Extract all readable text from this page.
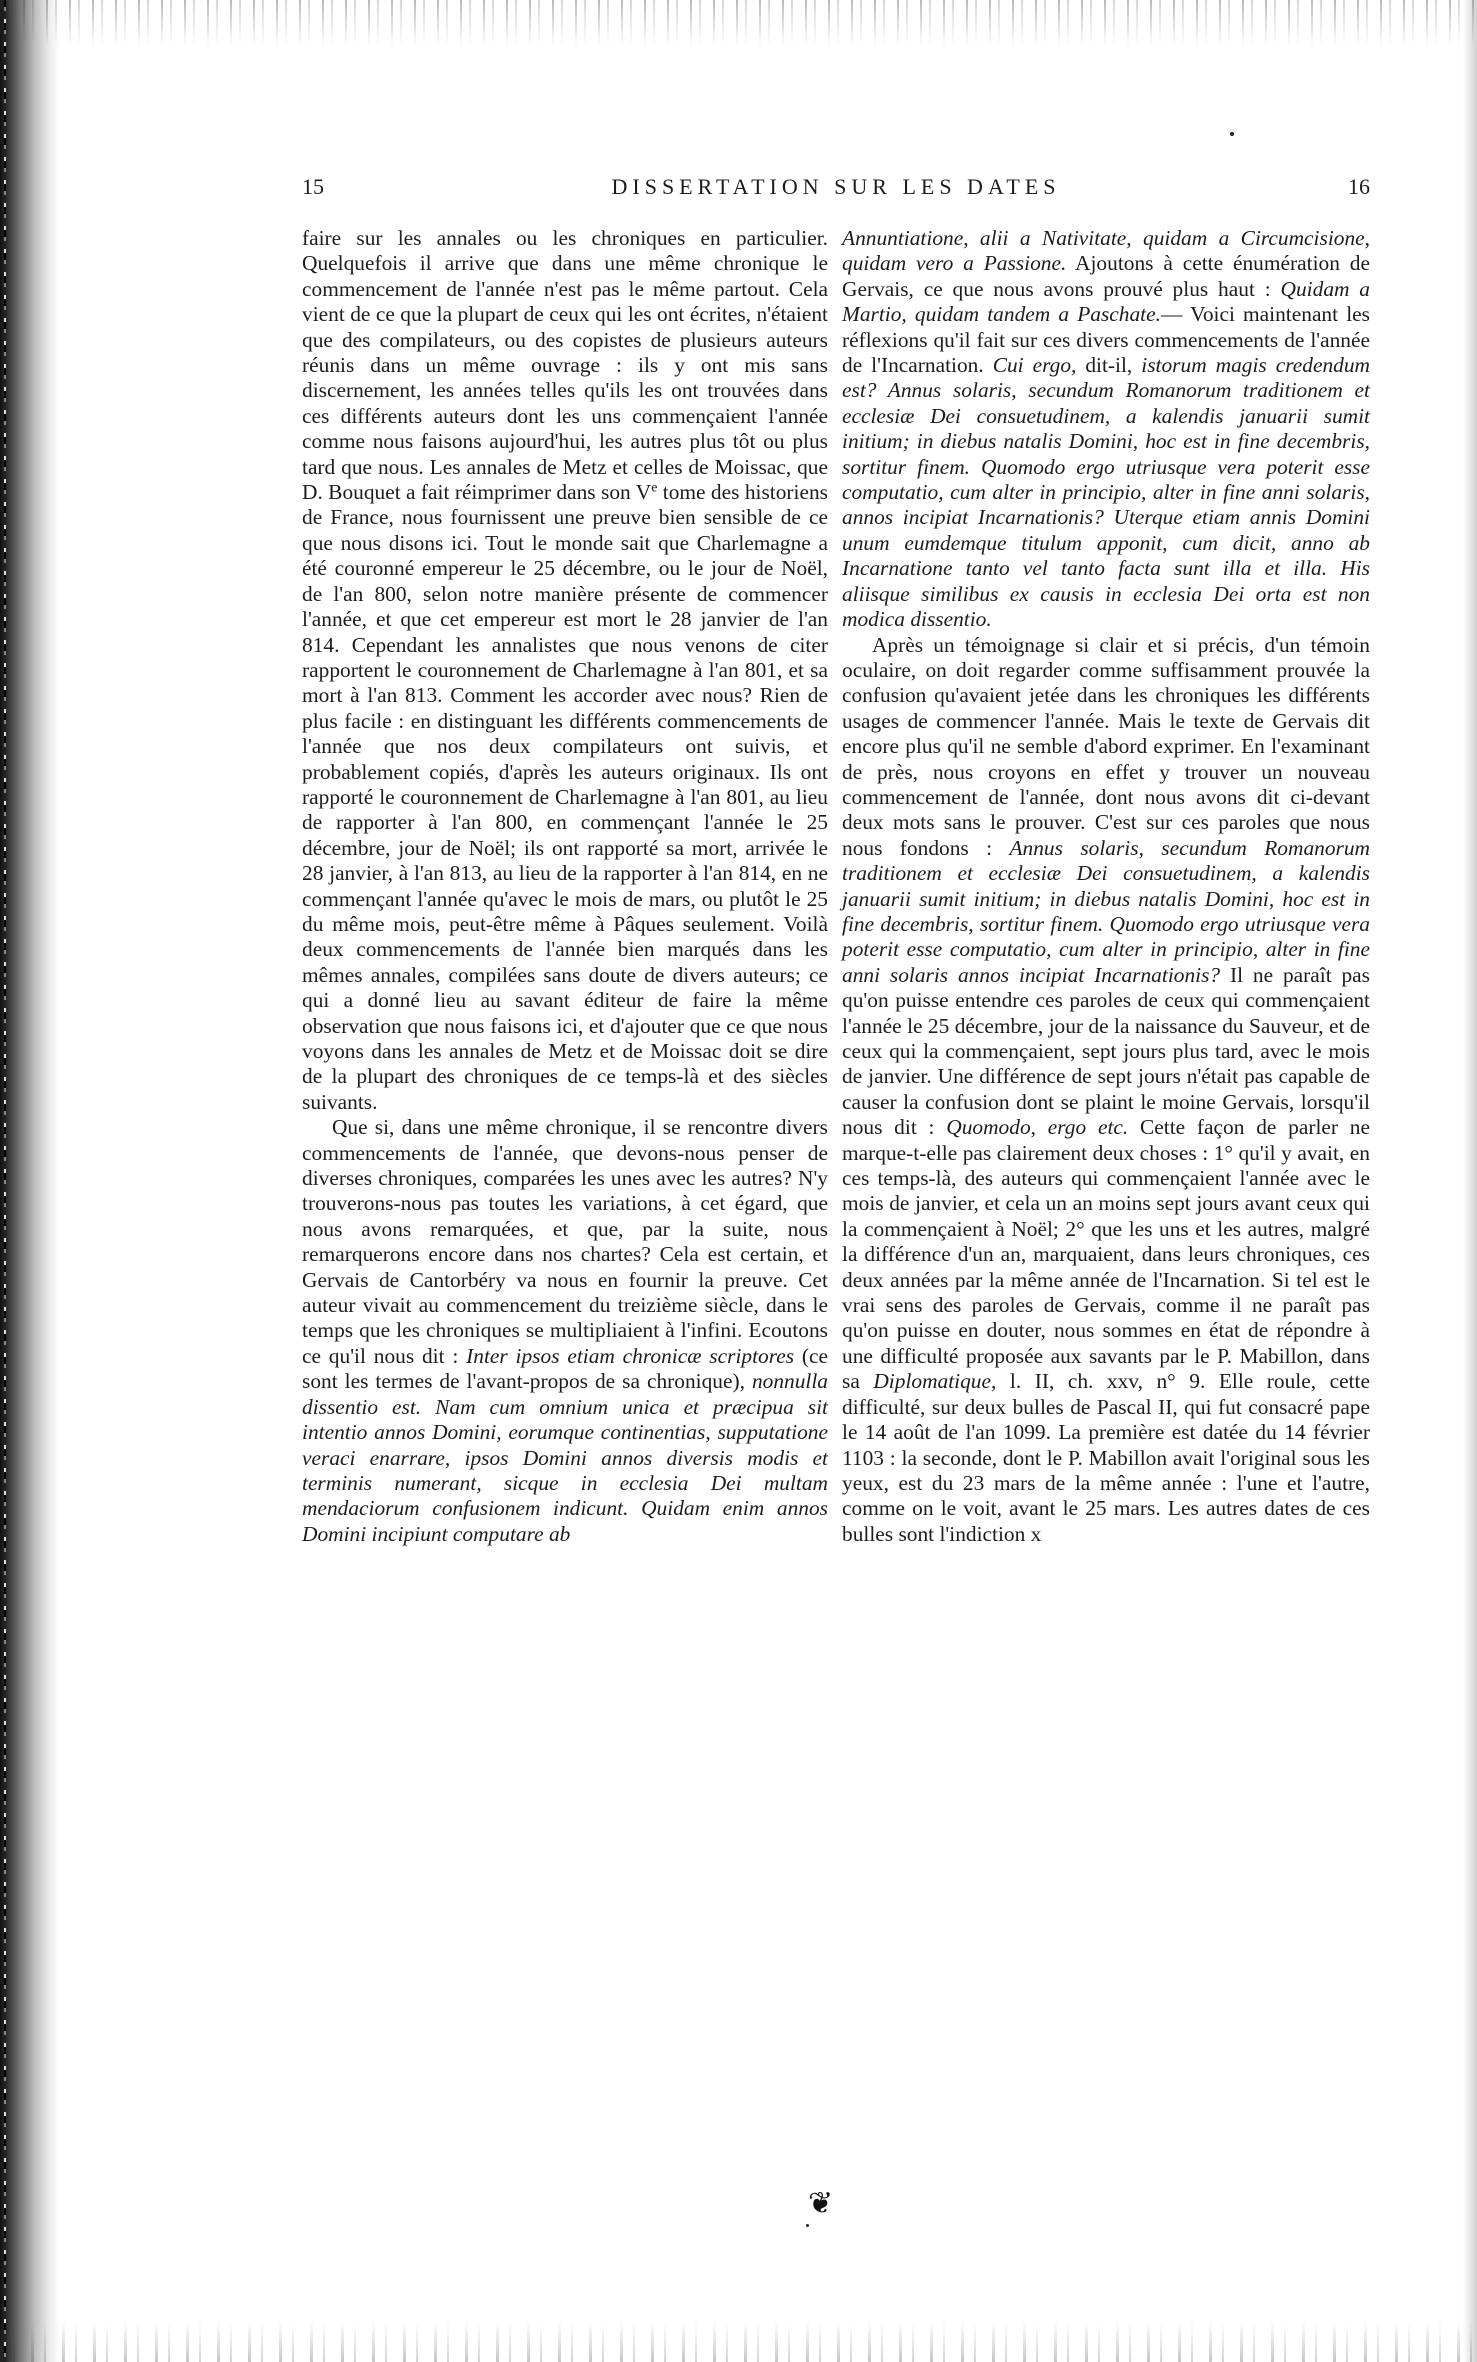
15	DISSERTATION SUR LES DATES	16

faire sur les annales ou les chroniques en particulier. Quelquefois il arrive que dans une même chronique le commencement de l'année n'est pas le même partout. Cela vient de ce que la plupart de ceux qui les ont écrites, n'étaient que des compilateurs, ou des copistes de plusieurs auteurs réunis dans un même ouvrage : ils y ont mis sans discernement, les années telles qu'ils les ont trouvées dans ces différents auteurs dont les uns commençaient l'année comme nous faisons aujourd'hui, les autres plus tôt ou plus tard que nous. Les annales de Metz et celles de Moissac, que D. Bouquet a fait réimprimer dans son Ve tome des historiens de France, nous fournissent une preuve bien sensible de ce que nous disons ici. Tout le monde sait que Charlemagne a été couronné empereur le 25 décembre, ou le jour de Noël, de l'an 800, selon notre manière présente de commencer l'année, et que cet empereur est mort le 28 janvier de l'an 814. Cependant les annalistes que nous venons de citer rapportent le couronnement de Charlemagne à l'an 801, et sa mort à l'an 813. Comment les accorder avec nous? Rien de plus facile : en distinguant les différents commencements de l'année que nos deux compilateurs ont suivis, et probablement copiés, d'après les auteurs originaux. Ils ont rapporté le couronnement de Charlemagne à l'an 801, au lieu de rapporter à l'an 800, en commençant l'année le 25 décembre, jour de Noël; ils ont rapporté sa mort, arrivée le 28 janvier, à l'an 813, au lieu de la rapporter à l'an 814, en ne commençant l'année qu'avec le mois de mars, ou plutôt le 25 du même mois, peut-être même à Pâques seulement. Voilà deux commencements de l'année bien marqués dans les mêmes annales, compilées sans doute de divers auteurs; ce qui a donné lieu au savant éditeur de faire la même observation que nous faisons ici, et d'ajouter que ce que nous voyons dans les annales de Metz et de Moissac doit se dire de la plupart des chroniques de ce temps-là et des siècles suivants.

Que si, dans une même chronique, il se rencontre divers commencements de l'année, que devons-nous penser de diverses chroniques, comparées les unes avec les autres? N'y trouverons-nous pas toutes les variations, à cet égard, que nous avons remarquées, et que, par la suite, nous remarquerons encore dans nos chartes? Cela est certain, et Gervais de Cantorbéry va nous en fournir la preuve. Cet auteur vivait au commencement du treizième siècle, dans le temps que les chroniques se multipliaient à l'infini. Ecoutons ce qu'il nous dit : Inter ipsos etiam chronicæ scriptores (ce sont les termes de l'avant-propos de sa chronique), nonnulla dissentio est. Nam cum omnium unica et præcipua sit intentio annos Domini, eorumque continentias, supputatione veraci enarrare, ipsos Domini annos diversis modis et terminis numerant, sicque in ecclesia Dei multam mendaciorum confusionem indicunt. Quidam enim annos Domini incipiunt computare ab

Annuntiatione, alii a Nativitate, quidam a Circumcisione, quidam vero a Passione. Ajoutons à cette énumération de Gervais, ce que nous avons prouvé plus haut : Quidam a Martio, quidam tandem a Paschate.— Voici maintenant les réflexions qu'il fait sur ces divers commencements de l'année de l'Incarnation. Cui ergo, dit-il, istorum magis credendum est? Annus solaris, secundum Romanorum traditionem et ecclesiæ Dei consuetudinem, a kalendis januarii sumit initium; in diebus natalis Domini, hoc est in fine decembris, sortitur finem. Quomodo ergo utriusque vera poterit esse computatio, cum alter in principio, alter in fine anni solaris, annos incipiat Incarnationis? Uterque etiam annis Domini unum eumdemque titulum apponit, cum dicit, anno ab Incarnatione tanto vel tanto facta sunt illa et illa. His aliisque similibus ex causis in ecclesia Dei orta est non modica dissentio.

Après un témoignage si clair et si précis, d'un témoin oculaire, on doit regarder comme suffisamment prouvée la confusion qu'avaient jetée dans les chroniques les différents usages de commencer l'année. Mais le texte de Gervais dit encore plus qu'il ne semble d'abord exprimer. En l'examinant de près, nous croyons en effet y trouver un nouveau commencement de l'année, dont nous avons dit ci-devant deux mots sans le prouver. C'est sur ces paroles que nous nous fondons : Annus solaris, secundum Romanorum traditionem et ecclesiæ Dei consuetudinem, a kalendis januarii sumit initium; in diebus natalis Domini, hoc est in fine decembris, sortitur finem. Quomodo ergo utriusque vera poterit esse computatio, cum alter in principio, alter in fine anni solaris annos incipiat Incarnationis? Il ne paraît pas qu'on puisse entendre ces paroles de ceux qui commençaient l'année le 25 décembre, jour de la naissance du Sauveur, et de ceux qui la commençaient, sept jours plus tard, avec le mois de janvier. Une différence de sept jours n'était pas capable de causer la confusion dont se plaint le moine Gervais, lorsqu'il nous dit : Quomodo, ergo etc. Cette façon de parler ne marque-t-elle pas clairement deux choses : 1° qu'il y avait, en ces temps-là, des auteurs qui commençaient l'année avec le mois de janvier, et cela un an moins sept jours avant ceux qui la commençaient à Noël; 2° que les uns et les autres, malgré la différence d'un an, marquaient, dans leurs chroniques, ces deux années par la même année de l'Incarnation. Si tel est le vrai sens des paroles de Gervais, comme il ne paraît pas qu'on puisse en douter, nous sommes en état de répondre à une difficulté proposée aux savants par le P. Mabillon, dans sa Diplomatique, l. II, ch. xxv, n° 9. Elle roule, cette difficulté, sur deux bulles de Pascal II, qui fut consacré pape le 14 août de l'an 1099. La première est datée du 14 février 1103 : la seconde, dont le P. Mabillon avait l'original sous les yeux, est du 23 mars de la même année : l'une et l'autre, comme on le voit, avant le 25 mars. Les autres dates de ces bulles sont l'indiction x

❦
